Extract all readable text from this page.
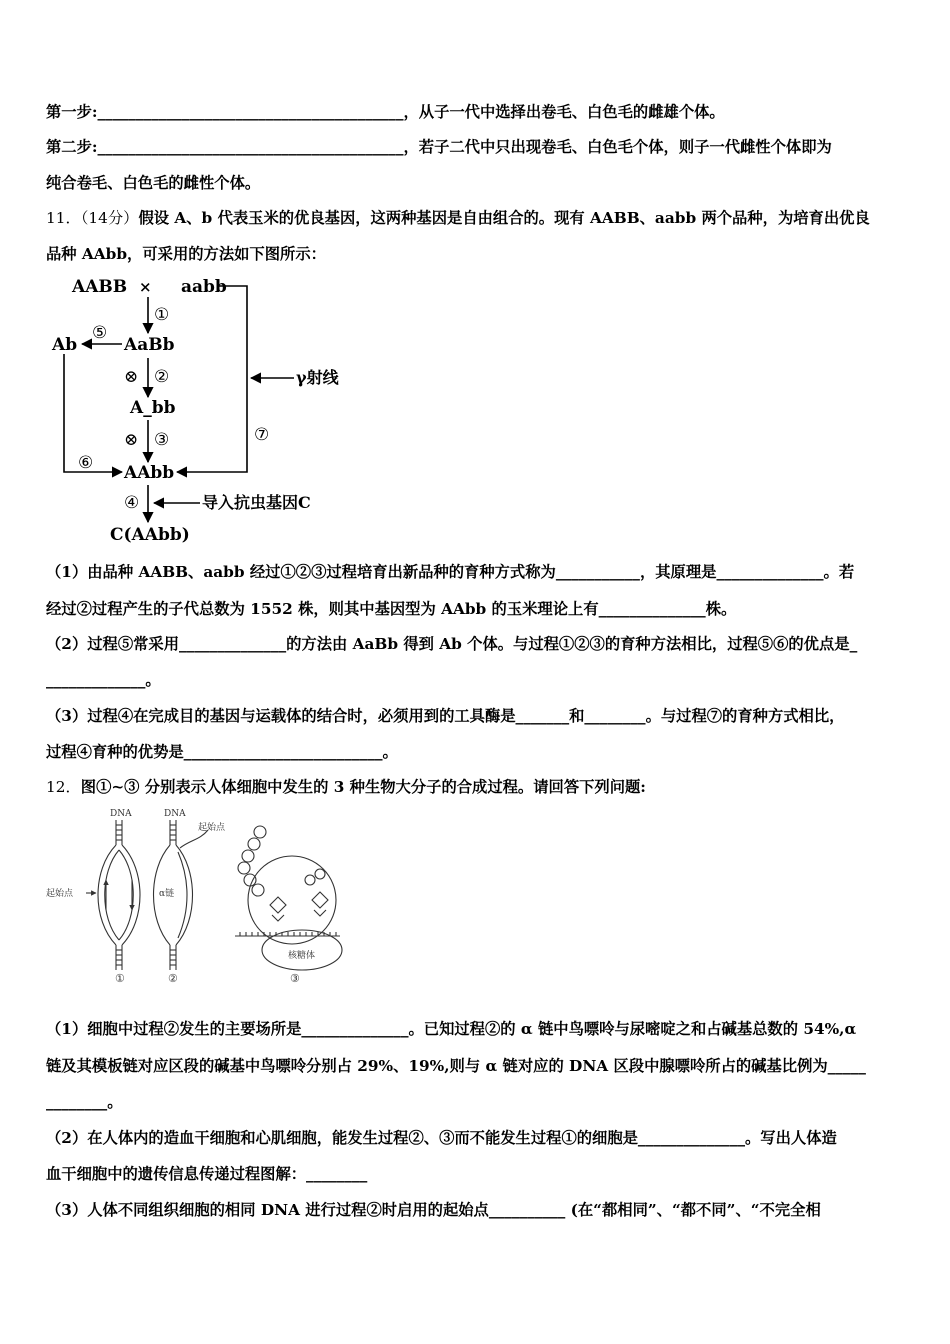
第一步:________________________________________，从子一代中选择出卷毛、白色毛的雌雄个体。
第二步:________________________________________，若子二代中只出现卷毛、白色毛个体，则子一代雌性个体即为
纯合卷毛、白色毛的雌性个体。
11．（14分）假设 A、b 代表玉米的优良基因，这两种基因是自由组合的。现有 AABB、aabb 两个品种，为培育出优良
品种 AAbb，可采用的方法如下图所示：
AABB × aabb
AaBb
Ab
A_bb
AAbb
C(AAbb)
①
⑤
⊗ ②
⊗ ③	⑦
⑥
④
γ射线
导入抗虫基因C
（1）由品种 AABB、aabb 经过①②③过程培育出新品种的育种方式称为___________，其原理是______________。若
经过②过程产生的子代总数为 1552 株，则其中基因型为 AAbb 的玉米理论上有______________株。
（2）过程⑤常采用______________的方法由 AaBb 得到 Ab 个体。与过程①②③的育种方法相比，过程⑤⑥的优点是_
_____________。
（3）过程④在完成目的基因与运载体的结合时，必须用到的工具酶是_______和________。与过程⑦的育种方式相比，
过程④育种的优势是__________________________。
12．图①~③ 分别表示人体细胞中发生的 3 种生物大分子的合成过程。请回答下列问题:
DNA	DNA
起始点
起始点	α链
核糖体
①	②	③
（1）细胞中过程②发生的主要场所是______________。已知过程②的 α 链中鸟嘌呤与尿嘧啶之和占碱基总数的 54%,α
链及其模板链对应区段的碱基中鸟嘌呤分别占 29%、19%,则与 α 链对应的 DNA 区段中腺嘌呤所占的碱基比例为_____
________。
（2）在人体内的造血干细胞和心肌细胞，能发生过程②、③而不能发生过程①的细胞是______________。写出人体造
血干细胞中的遗传信息传递过程图解：________
（3）人体不同组织细胞的相同 DNA 进行过程②时启用的起始点__________ (在“都相同”、“都不同”、“不完全相
